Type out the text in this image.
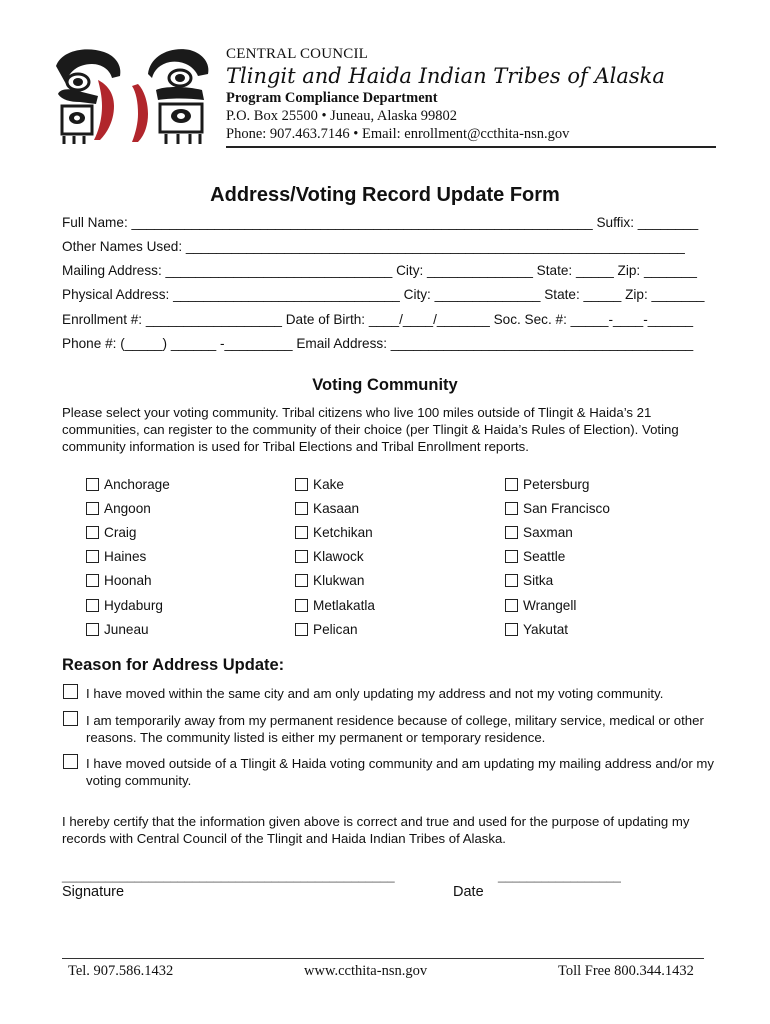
CENTRAL COUNCIL
Tlingit and Haida Indian Tribes of Alaska
Program Compliance Department
P.O. Box 25500 • Juneau, Alaska 99802
Phone: 907.463.7146 • Email: enrollment@ccthita-nsn.gov
Address/Voting Record Update Form
Full Name: _____________________________________________________________ Suffix: ________
Other Names Used: __________________________________________________________________
Mailing Address: ______________________________ City: ______________ State: _____ Zip: _______
Physical Address: ______________________________ City: ______________ State: _____ Zip: _______
Enrollment #: __________________ Date of Birth: ____/____/_______ Soc. Sec. #: _____-____-______
Phone #: (_____) ______ -_________ Email Address: ________________________________________
Voting Community
Please select your voting community. Tribal citizens who live 100 miles outside of Tlingit & Haida’s 21 communities, can register to the community of their choice (per Tlingit & Haida’s Rules of Election). Voting community information is used for Tribal Elections and Tribal Enrollment reports.
Anchorage
Angoon
Craig
Haines
Hoonah
Hydaburg
Juneau
Kake
Kasaan
Ketchikan
Klawock
Klukwan
Metlakatla
Pelican
Petersburg
San Francisco
Saxman
Seattle
Sitka
Wrangell
Yakutat
Reason for Address Update:
I have moved within the same city and am only updating my address and not my voting community.
I am temporarily away from my permanent residence because of college, military service, medical or other reasons. The community listed is either my permanent or temporary residence.
I have moved outside of a Tlingit & Haida voting community and am updating my mailing address and/or my voting community.
I hereby certify that the information given above is correct and true and used for the purpose of updating my records with Central Council of the Tlingit and Haida Indian Tribes of Alaska.
______________________________________________
Signature
_________________
Date
Tel. 907.586.1432	www.ccthita-nsn.gov	Toll Free 800.344.1432
